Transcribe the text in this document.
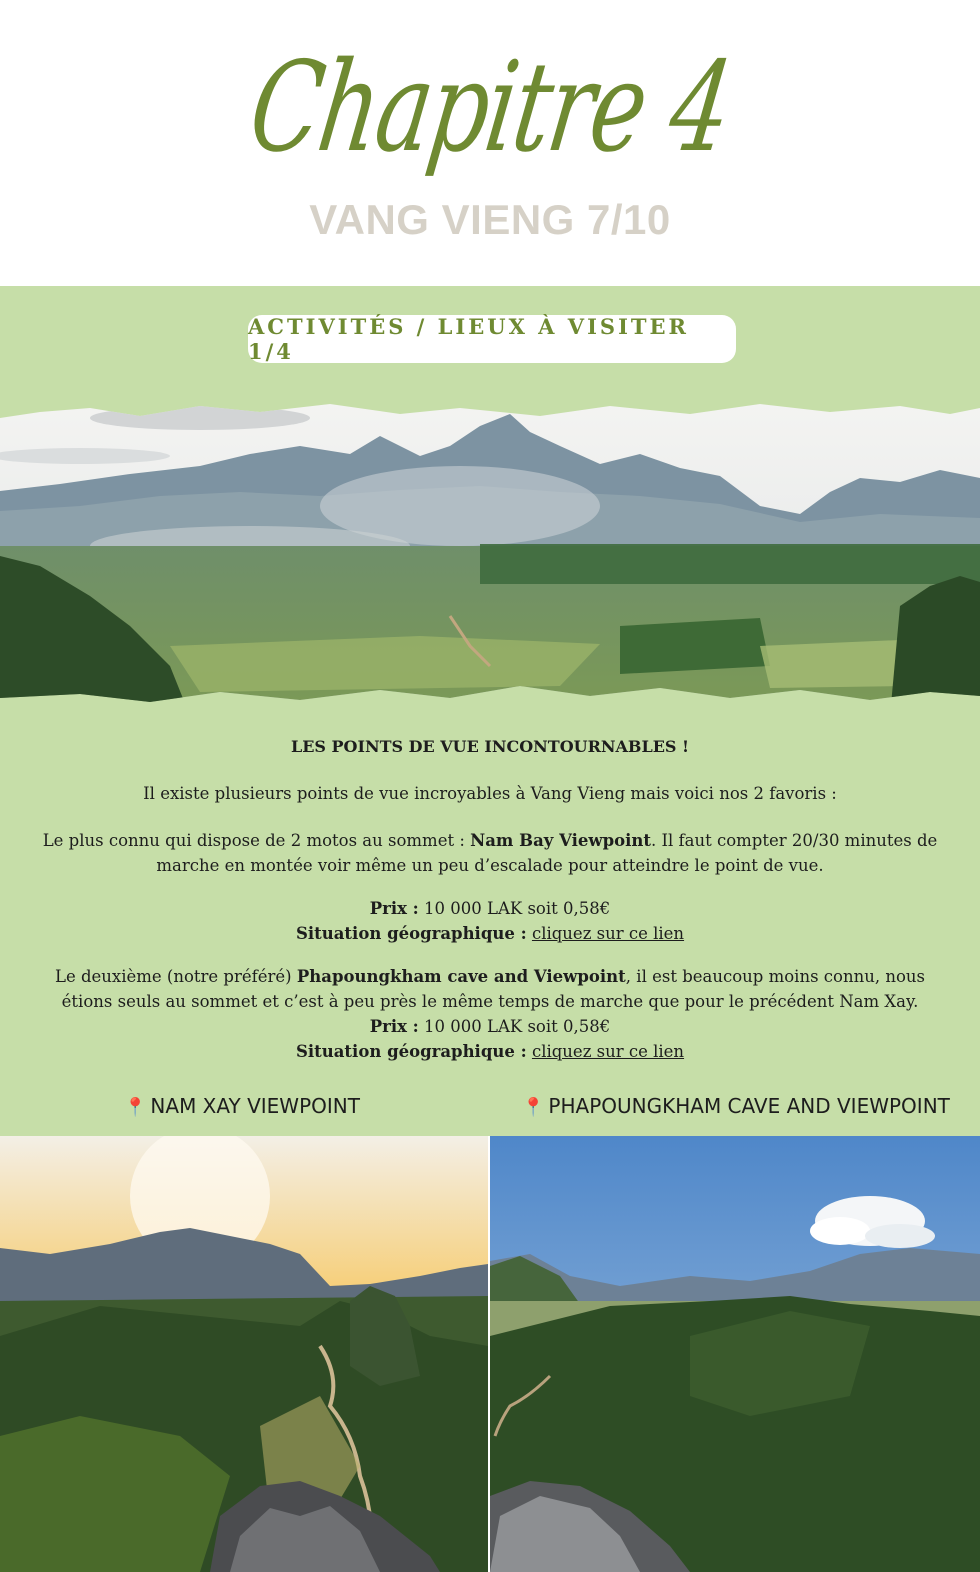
Chapitre 4
VANG VIENG 7/10
ACTIVITÉS / LIEUX À VISITER 1/4

LES POINTS DE VUE INCONTOURNABLES !

Il existe plusieurs points de vue incroyables à Vang Vieng mais voici nos 2 favoris :

Le plus connu qui dispose de 2 motos au sommet : Nam Bay Viewpoint. Il faut compter 20/30 minutes de marche en montée voir même un peu d’escalade pour atteindre le point de vue.

Prix : 10 000 LAK soit 0,58€

Situation géographique : cliquez sur ce lien

Le deuxième (notre préféré) Phapoungkham cave and Viewpoint, il est beaucoup moins connu, nous étions seuls au sommet et c’est à peu près le même temps de marche que pour le précédent Nam Xay.

Prix : 10 000 LAK soit 0,58€

Situation géographique : cliquez sur ce lien

📍 NAM XAY VIEWPOINT	📍 PHAPOUNGKHAM CAVE AND VIEWPOINT
